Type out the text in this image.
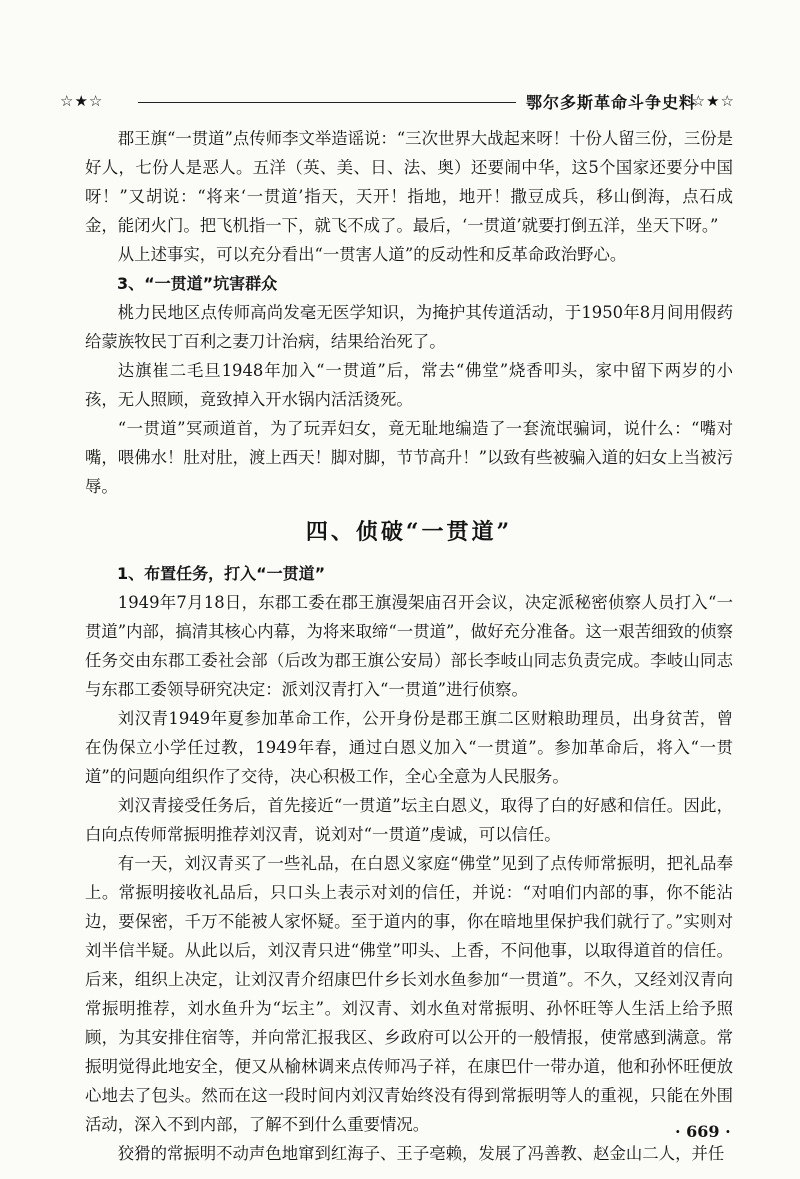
☆★☆	鄂尔多斯革命斗争史料
☆★☆

郡王旗“一贯道”点传师李文举造谣说：“三次世界大战起来呀！十份人留三份，三份是好人，七份人是恶人。五洋（英、美、日、法、奥）还要闹中华，这5个国家还要分中国呀！”又胡说：“将来‘一贯道’指天，天开！指地，地开！撒豆成兵，移山倒海，点石成金，能闭火门。把飞机指一下，就飞不成了。最后，‘一贯道’就要打倒五洋，坐天下呀。”

从上述事实，可以充分看出“一贯害人道”的反动性和反革命政治野心。

3、“一贯道”坑害群众

桃力民地区点传师高尚发毫无医学知识，为掩护其传道活动，于1950年8月间用假药给蒙族牧民丁百利之妻刀计治病，结果给治死了。

达旗崔二毛旦1948年加入“一贯道”后，常去“佛堂”烧香叩头，家中留下两岁的小孩，无人照顾，竟致掉入开水锅内活活烫死。

“一贯道”冥顽道首，为了玩弄妇女，竟无耻地编造了一套流氓骗词，说什么：“嘴对嘴，喂佛水！肚对肚，渡上西天！脚对脚，节节高升！”以致有些被骗入道的妇女上当被污辱。

四、侦破“一贯道”

1、布置任务，打入“一贯道”

1949年7月18日，东郡工委在郡王旗漫架庙召开会议，决定派秘密侦察人员打入“一贯道”内部，搞清其核心内幕，为将来取缔“一贯道”，做好充分准备。这一艰苦细致的侦察任务交由东郡工委社会部（后改为郡王旗公安局）部长李岐山同志负责完成。李岐山同志与东郡工委领导研究决定：派刘汉青打入“一贯道”进行侦察。

刘汉青1949年夏参加革命工作，公开身份是郡王旗二区财粮助理员，出身贫苦，曾在伪保立小学任过教，1949年春，通过白恩义加入“一贯道”。参加革命后，将入“一贯道”的问题向组织作了交待，决心积极工作，全心全意为人民服务。

刘汉青接受任务后，首先接近“一贯道”坛主白恩义，取得了白的好感和信任。因此，白向点传师常振明推荐刘汉青，说刘对“一贯道”虔诚，可以信任。

有一天，刘汉青买了一些礼品，在白恩义家庭“佛堂”见到了点传师常振明，把礼品奉上。常振明接收礼品后，只口头上表示对刘的信任，并说：“对咱们内部的事，你不能沾边，要保密，千万不能被人家怀疑。至于道内的事，你在暗地里保护我们就行了。”实则对刘半信半疑。从此以后，刘汉青只进“佛堂”叩头、上香，不问他事，以取得道首的信任。后来，组织上决定，让刘汉青介绍康巴什乡长刘水鱼参加“一贯道”。不久，又经刘汉青向常振明推荐，刘水鱼升为“坛主”。刘汉青、刘水鱼对常振明、孙怀旺等人生活上给予照顾，为其安排住宿等，并向常汇报我区、乡政府可以公开的一般情报，使常感到满意。常振明觉得此地安全，便又从榆林调来点传师冯子祥，在康巴什一带办道，他和孙怀旺便放心地去了包头。然而在这一段时间内刘汉青始终没有得到常振明等人的重视，只能在外围活动，深入不到内部，了解不到什么重要情况。

狡猾的常振明不动声色地窜到红海子、王子亳赖，发展了冯善教、赵金山二人，并任

· 669 ·
